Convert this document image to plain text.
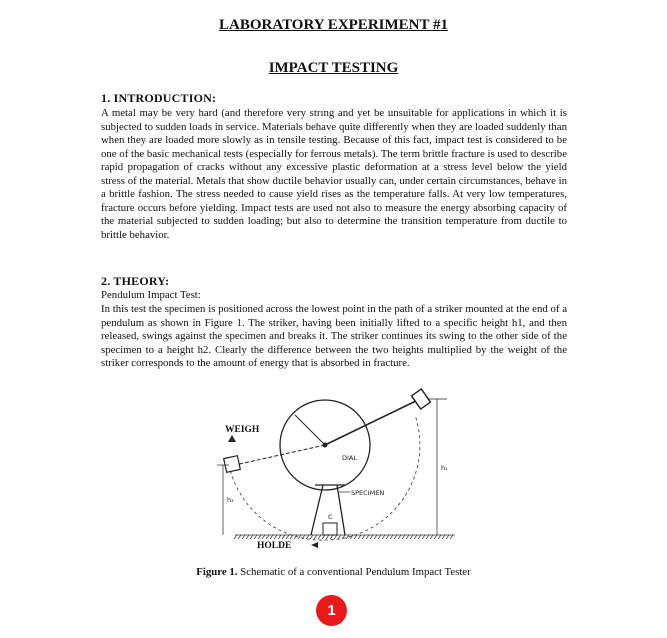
LABORATORY EXPERIMENT #1
IMPACT TESTING

1. INTRODUCTION:

A metal may be very hard (and therefore very strıng and yet be unsuitable for applications in which it is subjected to sudden loads in service. Materials behave quite differently when they are loaded suddenly than when they are loaded more slowly as in tensile testing. Because of this fact, impact test is considered to be one of the basic mechanical tests (especially for ferrous metals). The term brittle fracture is used to describe rapid propagation of cracks without any excessive plastic deformation at a stress level below the yield stress of the material. Metals that show ductile behavior usually can, under certain circumstances, behave in a brittle fashion. The stress needed to cause yield rises as the temperature falls. At very low temperatures, fracture occurs before yielding. Impact tests are used not also to measure the energy absorbing capacity of the material subjected to sudden loading; but also to determine the transition temperature from ductile to brittle behavior.

2. THEORY:

Pendulum Impact Test:

In this test the specimen is positioned across the lowest point in the path of a striker mounted at the end of a pendulum as shown in Figure 1. The striker, having been initially lifted to a specific height h1, and then released, swings against the specimen and breaks it. The striker continues its swing to the other side of the specimen to a height h2. Clearly the difference between the two heights multiplied by the weight of the striker corresponds to the amount of energy that is absorbed in fracture.

C
SPECIMEN
DIAL
h₁
h₂

WEIGH

HOLDE

Figure 1. Schematic of a conventional Pendulum Impact Tester

1
